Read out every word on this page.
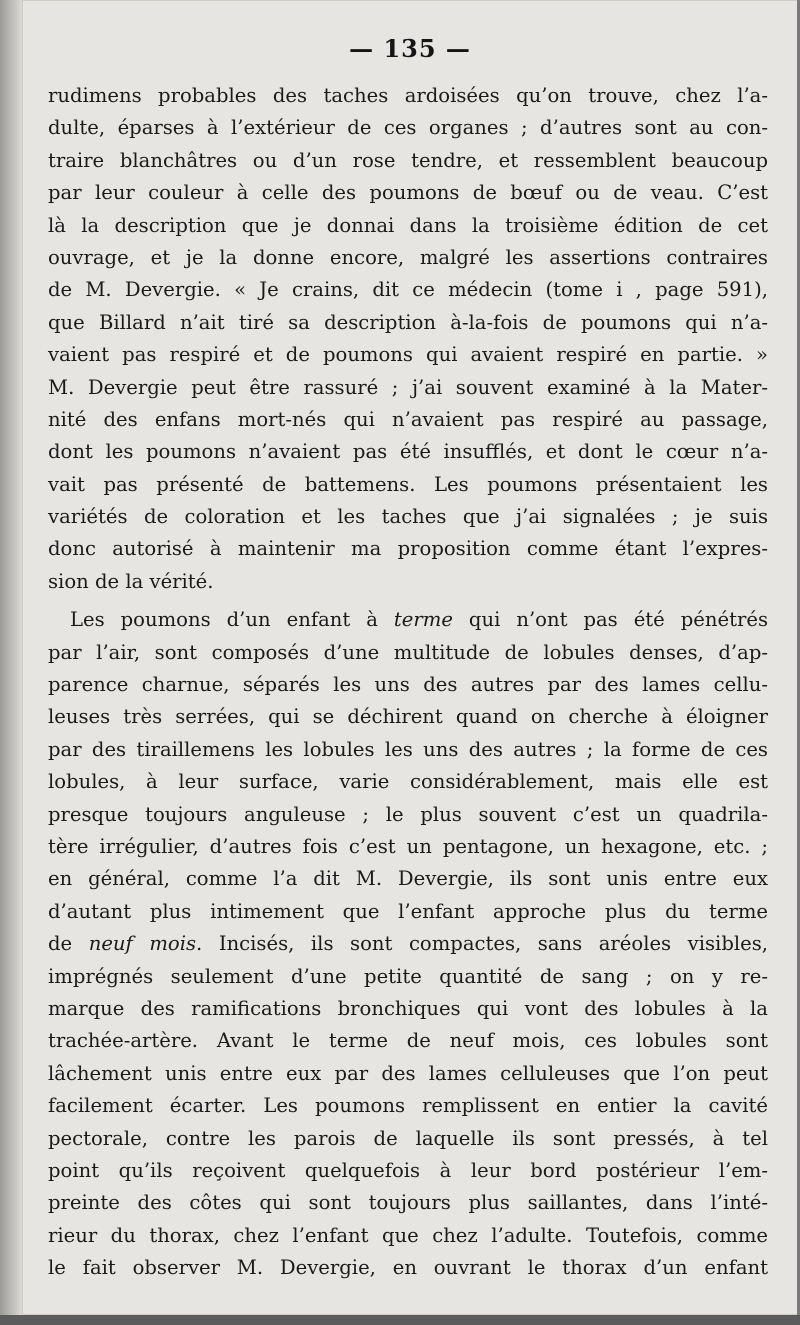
— 135 —
rudimens probables des taches ardoisées qu’on trouve, chez l’a-
dulte, éparses à l’extérieur de ces organes ; d’autres sont au con-
traire blanchâtres ou d’un rose tendre, et ressemblent beaucoup
par leur couleur à celle des poumons de bœuf ou de veau. C’est
là la description que je donnai dans la troisième édition de cet
ouvrage, et je la donne encore, malgré les assertions contraires
de M. Devergie. « Je crains, dit ce médecin (tome i , page 591),
que Billard n’ait tiré sa description à-la-fois de poumons qui n’a-
vaient pas respiré et de poumons qui avaient respiré en partie. »
M. Devergie peut être rassuré ; j’ai souvent examiné à la Mater-
nité des enfans mort-nés qui n’avaient pas respiré au passage,
dont les poumons n’avaient pas été insufflés, et dont le cœur n’a-
vait pas présenté de battemens. Les poumons présentaient les
variétés de coloration et les taches que j’ai signalées ; je suis
donc autorisé à maintenir ma proposition comme étant l’expres-
sion de la vérité.
Les poumons d’un enfant à terme qui n’ont pas été pénétrés
par l’air, sont composés d’une multitude de lobules denses, d’ap-
parence charnue, séparés les uns des autres par des lames cellu-
leuses très serrées, qui se déchirent quand on cherche à éloigner
par des tiraillemens les lobules les uns des autres ; la forme de ces
lobules, à leur surface, varie considérablement, mais elle est
presque toujours anguleuse ; le plus souvent c’est un quadrila-
tère irrégulier, d’autres fois c’est un pentagone, un hexagone, etc. ;
en général, comme l’a dit M. Devergie, ils sont unis entre eux
d’autant plus intimement que l’enfant approche plus du terme
de neuf mois. Incisés, ils sont compactes, sans aréoles visibles,
imprégnés seulement d’une petite quantité de sang ; on y re-
marque des ramifications bronchiques qui vont des lobules à la
trachée-artère. Avant le terme de neuf mois, ces lobules sont
lâchement unis entre eux par des lames celluleuses que l’on peut
facilement écarter. Les poumons remplissent en entier la cavité
pectorale, contre les parois de laquelle ils sont pressés, à tel
point qu’ils reçoivent quelquefois à leur bord postérieur l’em-
preinte des côtes qui sont toujours plus saillantes, dans l’inté-
rieur du thorax, chez l’enfant que chez l’adulte. Toutefois, comme
le fait observer M. Devergie, en ouvrant le thorax d’un enfant
